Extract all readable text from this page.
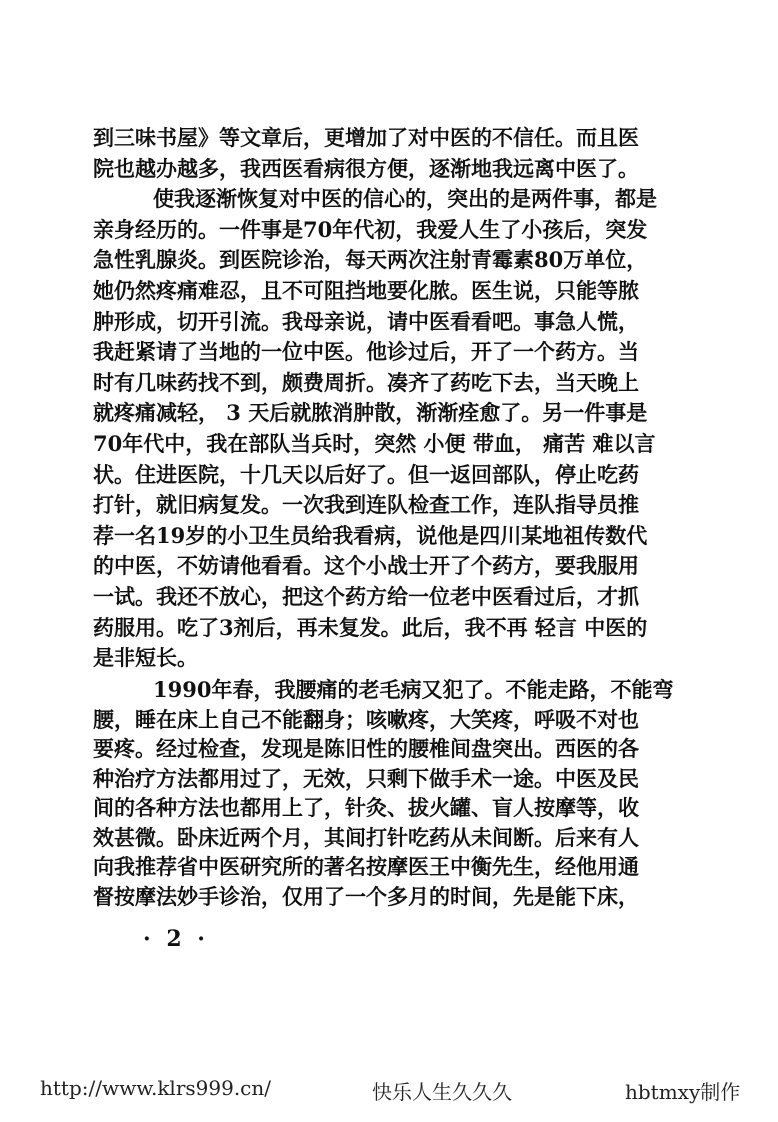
到三味书屋》等文章后，更增加了对中医的不信任。而且医
院也越办越多，我西医看病很方便，逐渐地我远离中医了。
使我逐渐恢复对中医的信心的，突出的是两件事，都是
亲身经历的。一件事是70年代初，我爱人生了小孩后，突发
急性乳腺炎。到医院诊治，每天两次注射青霉素80万单位，
她仍然疼痛难忍，且不可阻挡地要化脓。医生说，只能等脓
肿形成，切开引流。我母亲说，请中医看看吧。事急人慌，
我赶紧请了当地的一位中医。他诊过后，开了一个药方。当
时有几味药找不到，颇费周折。凑齐了药吃下去，当天晚上
就疼痛减轻， 3 天后就脓消肿散，渐渐痊愈了。另一件事是
70年代中，我在部队当兵时，突然 小便 带血， 痛苦 难以言
状。住进医院，十几天以后好了。但一返回部队，停止吃药
打针，就旧病复发。一次我到连队检查工作，连队指导员推
荐一名19岁的小卫生员给我看病，说他是四川某地祖传数代
的中医，不妨请他看看。这个小战士开了个药方，要我服用
一试。我还不放心，把这个药方给一位老中医看过后，才抓
药服用。吃了3剂后，再未复发。此后，我不再 轻言 中医的
是非短长。
1990年春，我腰痛的老毛病又犯了。不能走路，不能弯
腰，睡在床上自己不能翻身；咳嗽疼，大笑疼，呼吸不对也
要疼。经过检查，发现是陈旧性的腰椎间盘突出。西医的各
种治疗方法都用过了，无效，只剩下做手术一途。中医及民
间的各种方法也都用上了，针灸、拔火罐、盲人按摩等，收
效甚微。卧床近两个月，其间打针吃药从未间断。后来有人
向我推荐省中医研究所的著名按摩医王中衡先生，经他用通
督按摩法妙手诊治，仅用了一个多月的时间，先是能下床，
· 2 ·
http://www.klrs999.cn/	快乐人生久久久	hbtmxy制作
